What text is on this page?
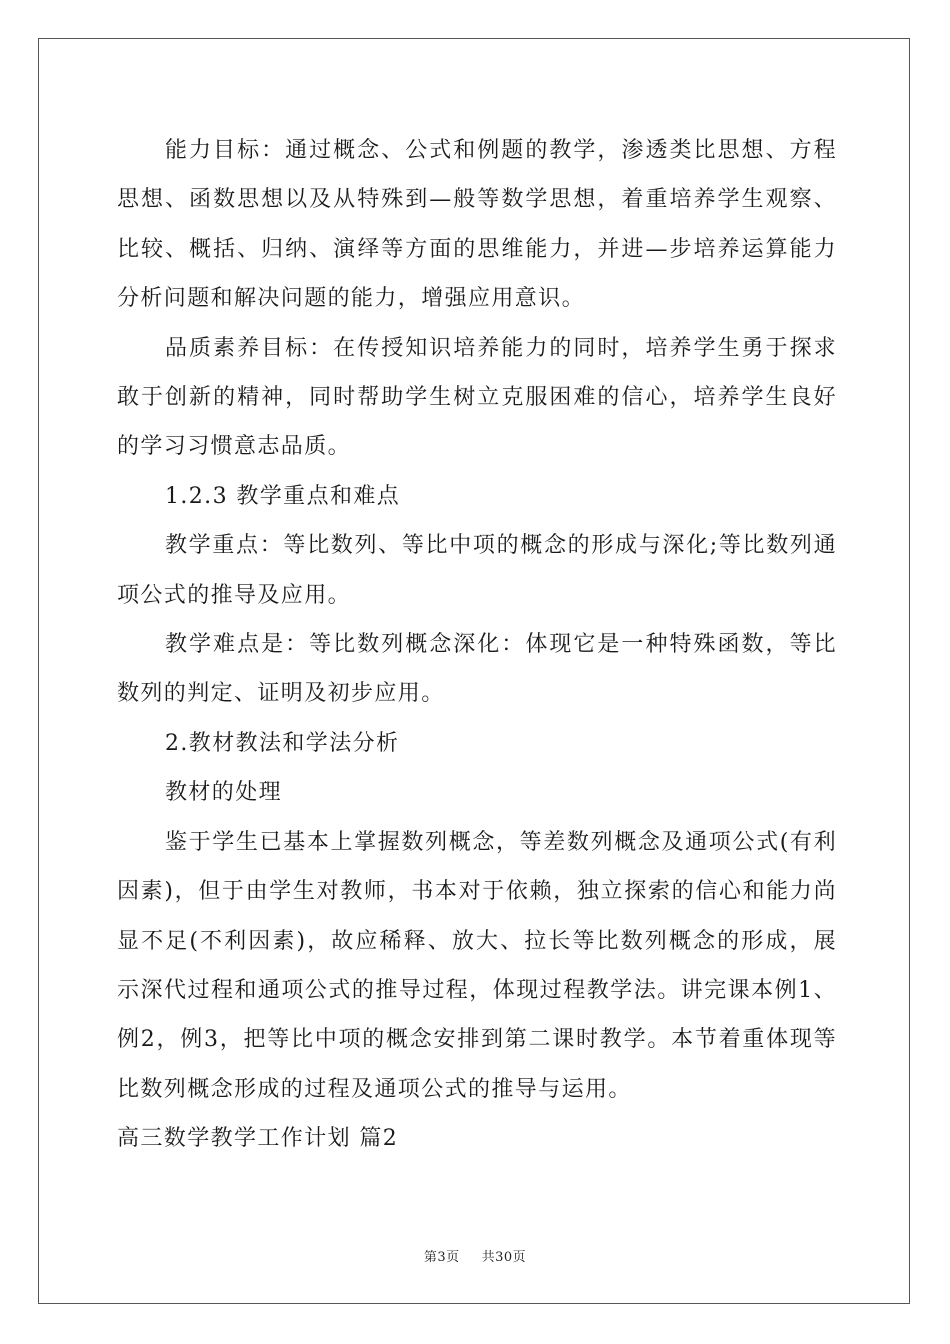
能力目标：通过概念、公式和例题的教学，渗透类比思想、方程思想、函数思想以及从特殊到—般等数学思想，着重培养学生观察、比较、概括、归纳、演绎等方面的思维能力，并进—步培养运算能力分析问题和解决问题的能力，增强应用意识。

品质素养目标：在传授知识培养能力的同时，培养学生勇于探求敢于创新的精神，同时帮助学生树立克服困难的信心，培养学生良好的学习习惯意志品质。

1.2.3 教学重点和难点

教学重点：等比数列、等比中项的概念的形成与深化;等比数列通项公式的推导及应用。

教学难点是：等比数列概念深化：体现它是一种特殊函数，等比数列的判定、证明及初步应用。

2.教材教法和学法分析

教材的处理

鉴于学生已基本上掌握数列概念，等差数列概念及通项公式(有利因素)，但于由学生对教师，书本对于依赖，独立探索的信心和能力尚显不足(不利因素)，故应稀释、放大、拉长等比数列概念的形成，展示深代过程和通项公式的推导过程，体现过程教学法。讲完课本例1、例2，例3，把等比中项的概念安排到第二课时教学。本节着重体现等比数列概念形成的过程及通项公式的推导与运用。

高三数学教学工作计划 篇2

第3页 共30页
